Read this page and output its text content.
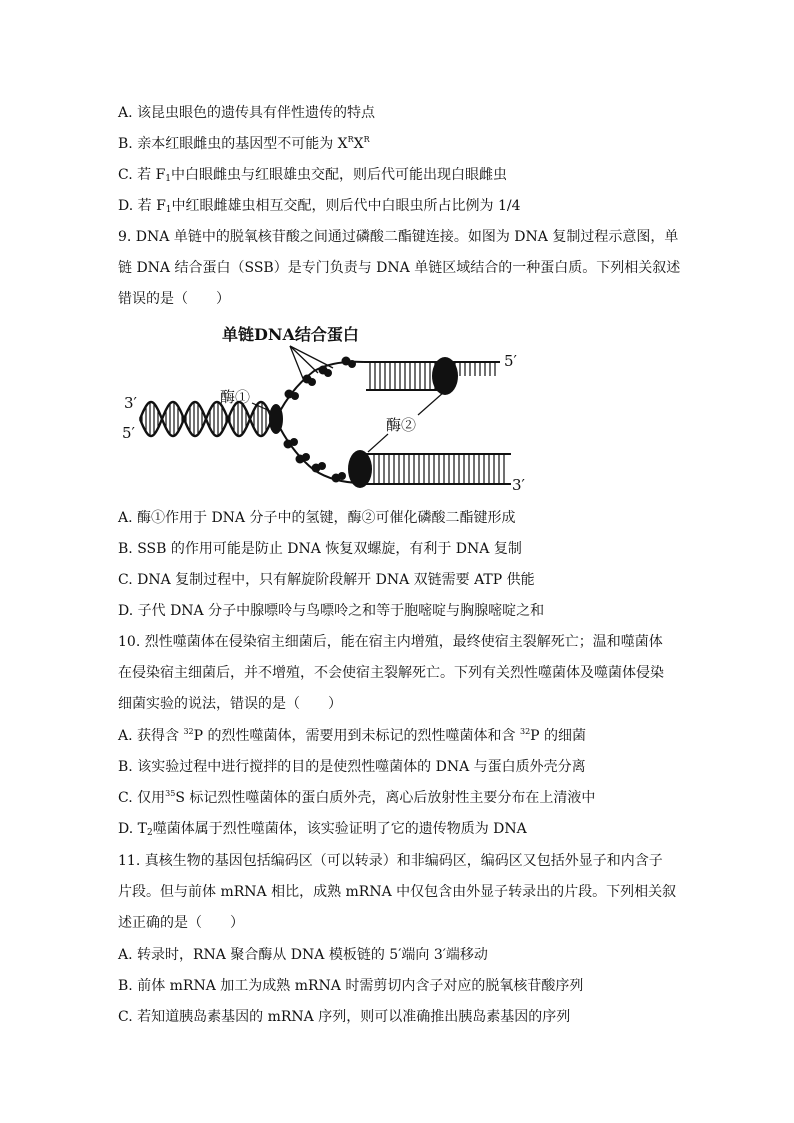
A. 该昆虫眼色的遗传具有伴性遗传的特点
B. 亲本红眼雌虫的基因型不可能为 $X^RX^R$
C. 若 $F_1$中白眼雌虫与红眼雄虫交配，则后代可能出现白眼雌虫
D. 若 $F_1$中红眼雌雄虫相互交配，则后代中白眼虫所占比例为 1/4
9. DNA 单链中的脱氧核苷酸之间通过磷酸二酯键连接。如图为 DNA 复制过程示意图，单
链 DNA 结合蛋白（SSB）是专门负责与 DNA 单链区域结合的一种蛋白质。下列相关叙述
错误的是（　　）
3′
5′
单链DNA结合蛋白
酶①
5′
3′
酶②
A. 酶①作用于 DNA 分子中的氢键，酶②可催化磷酸二酯键形成
B. SSB 的作用可能是防止 DNA 恢复双螺旋，有利于 DNA 复制
C. DNA 复制过程中，只有解旋阶段解开 DNA 双链需要 ATP 供能
D. 子代 DNA 分子中腺嘌呤与鸟嘌呤之和等于胞嘧啶与胸腺嘧啶之和
10. 烈性噬菌体在侵染宿主细菌后，能在宿主内增殖，最终使宿主裂解死亡；温和噬菌体
在侵染宿主细菌后，并不增殖，不会使宿主裂解死亡。下列有关烈性噬菌体及噬菌体侵染
细菌实验的说法，错误的是（　　）
A. 获得含 $^{32}$P 的烈性噬菌体，需要用到未标记的烈性噬菌体和含 $^{32}$P 的细菌
B. 该实验过程中进行搅拌的目的是使烈性噬菌体的 DNA 与蛋白质外壳分离
C. 仅用$^{35}$S 标记烈性噬菌体的蛋白质外壳，离心后放射性主要分布在上清液中
D. $T_2$噬菌体属于烈性噬菌体，该实验证明了它的遗传物质为 DNA
11. 真核生物的基因包括编码区（可以转录）和非编码区，编码区又包括外显子和内含子
片段。但与前体 mRNA 相比，成熟 mRNA 中仅包含由外显子转录出的片段。下列相关叙
述正确的是（　　）
A. 转录时，RNA 聚合酶从 DNA 模板链的 5′端向 3′端移动
B. 前体 mRNA 加工为成熟 mRNA 时需剪切内含子对应的脱氧核苷酸序列
C. 若知道胰岛素基因的 mRNA 序列，则可以准确推出胰岛素基因的序列
